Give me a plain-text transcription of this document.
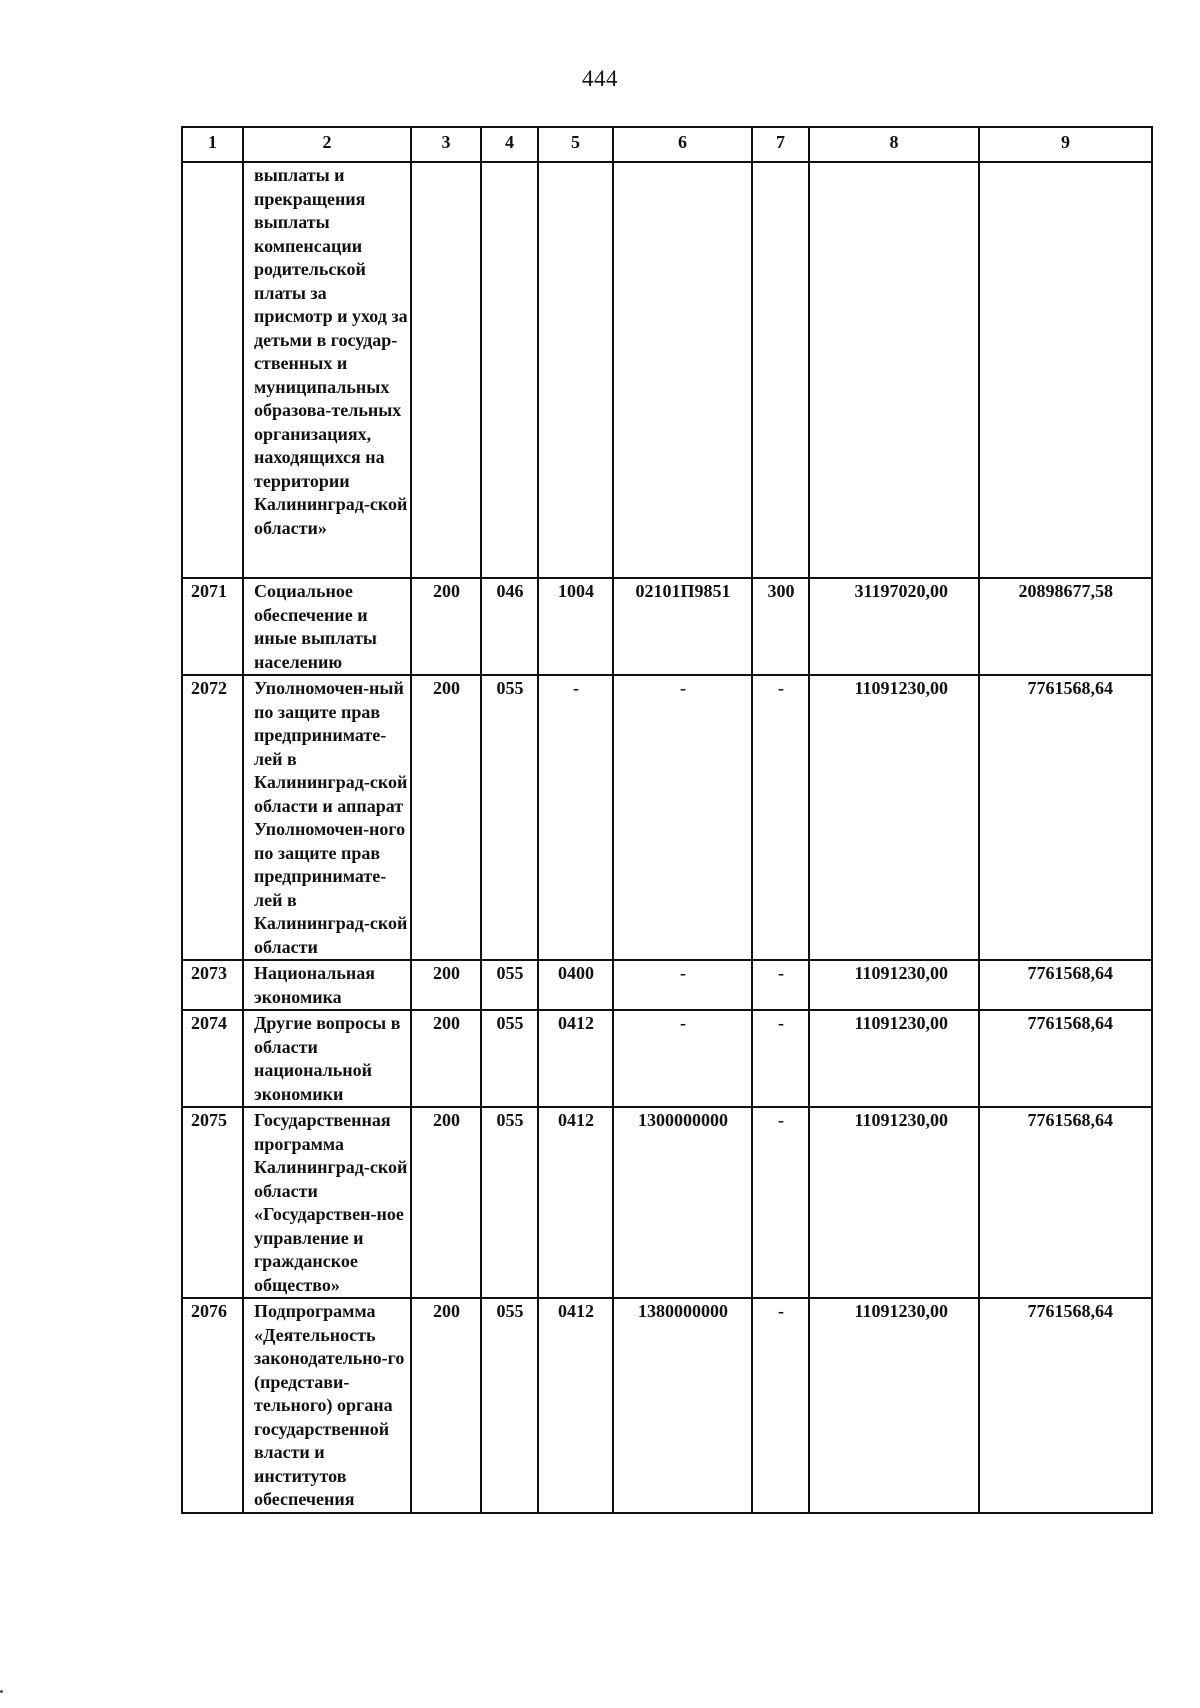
444
1	2	3	4	5	6	7	8	9
	выплаты и прекращения выплаты компенсации родительской платы за присмотр и уход за детьми в государ-ственных и муниципальных образова-тельных организациях, находящихся на территории Калининград-ской области»							
2071	Социальное обеспечение и иные выплаты населению	200	046	1004	02101П9851	300	31197020,00	20898677,58
2072	Уполномочен-ный по защите прав предпринимате-лей в Калининград-ской области и аппарат Уполномочен-ного по защите прав предпринимате-лей в Калининград-ской области	200	055	-	-	-	11091230,00	7761568,64
2073	Национальная экономика	200	055	0400	-	-	11091230,00	7761568,64
2074	Другие вопросы в области национальной экономики	200	055	0412	-	-	11091230,00	7761568,64
2075	Государственная программа Калининград-ской области «Государствен-ное управление и гражданское общество»	200	055	0412	1300000000	-	11091230,00	7761568,64
2076	Подпрограмма «Деятельность законодательно-го (представи-тельного) органа государственной власти и институтов обеспечения	200	055	0412	1380000000	-	11091230,00	7761568,64
